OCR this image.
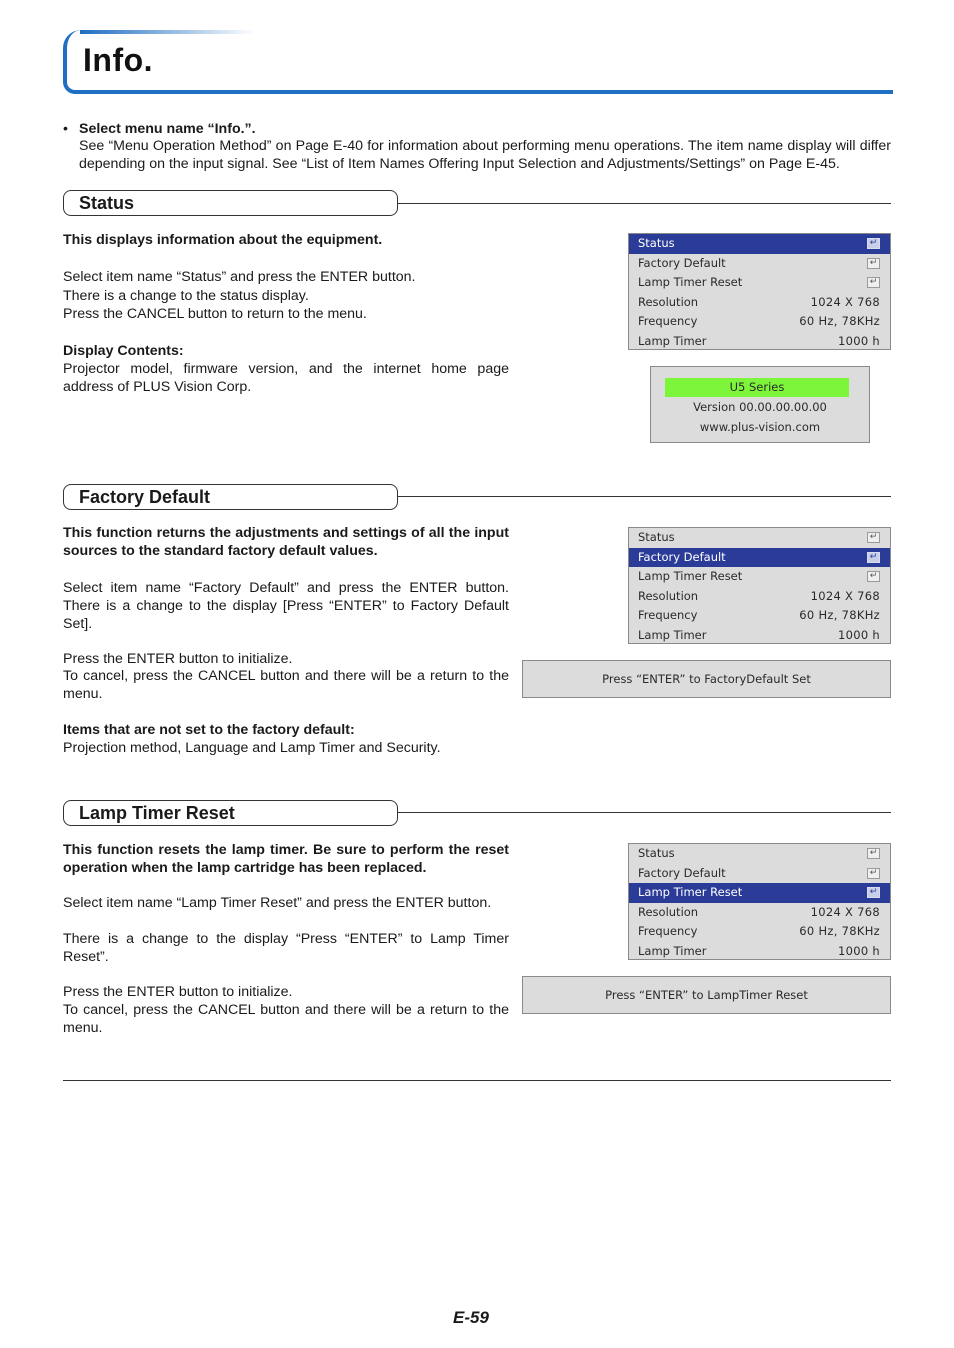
Info.
• Select menu name “Info.”.
See “Menu Operation Method” on Page E-40 for information about performing menu operations. The item name display will differ depending on the input signal. See “List of Item Names Offering Input Selection and Adjustments/Settings” on Page E-45.
Status
This displays information about the equipment.
Select item name “Status” and press the ENTER button.
There is a change to the status display.
Press the CANCEL button to return to the menu.
Display Contents:
Projector model, firmware version, and the internet home page address of PLUS Vision Corp.
Status	↵
Factory Default	↵
Lamp Timer Reset	↵
Resolution	1024 X 768
Frequency	60 Hz, 78KHz
Lamp Timer	1000 h
U5 Series
Version 00.00.00.00.00
www.plus-vision.com
Factory Default
This function returns the adjustments and settings of all the input sources to the standard factory default values.
Select item name “Factory Default” and press the ENTER button. There is a change to the display [Press “ENTER” to Factory Default Set].
Press the ENTER button to initialize.
To cancel, press the CANCEL button and there will be a return to the menu.
Items that are not set to the factory default:
Projection method, Language and Lamp Timer and Security.
Status	↵
Factory Default	↵
Lamp Timer Reset	↵
Resolution	1024 X 768
Frequency	60 Hz, 78KHz
Lamp Timer	1000 h
Press “ENTER” to FactoryDefault Set
Lamp Timer Reset
This function resets the lamp timer. Be sure to perform the reset operation when the lamp cartridge has been replaced.
Select item name “Lamp Timer Reset” and press the ENTER button.
There is a change to the display “Press “ENTER” to Lamp Timer Reset”.
Press the ENTER button to initialize.
To cancel, press the CANCEL button and there will be a return to the menu.
Status	↵
Factory Default	↵
Lamp Timer Reset	↵
Resolution	1024 X 768
Frequency	60 Hz, 78KHz
Lamp Timer	1000 h
Press “ENTER” to LampTimer Reset
E-59
